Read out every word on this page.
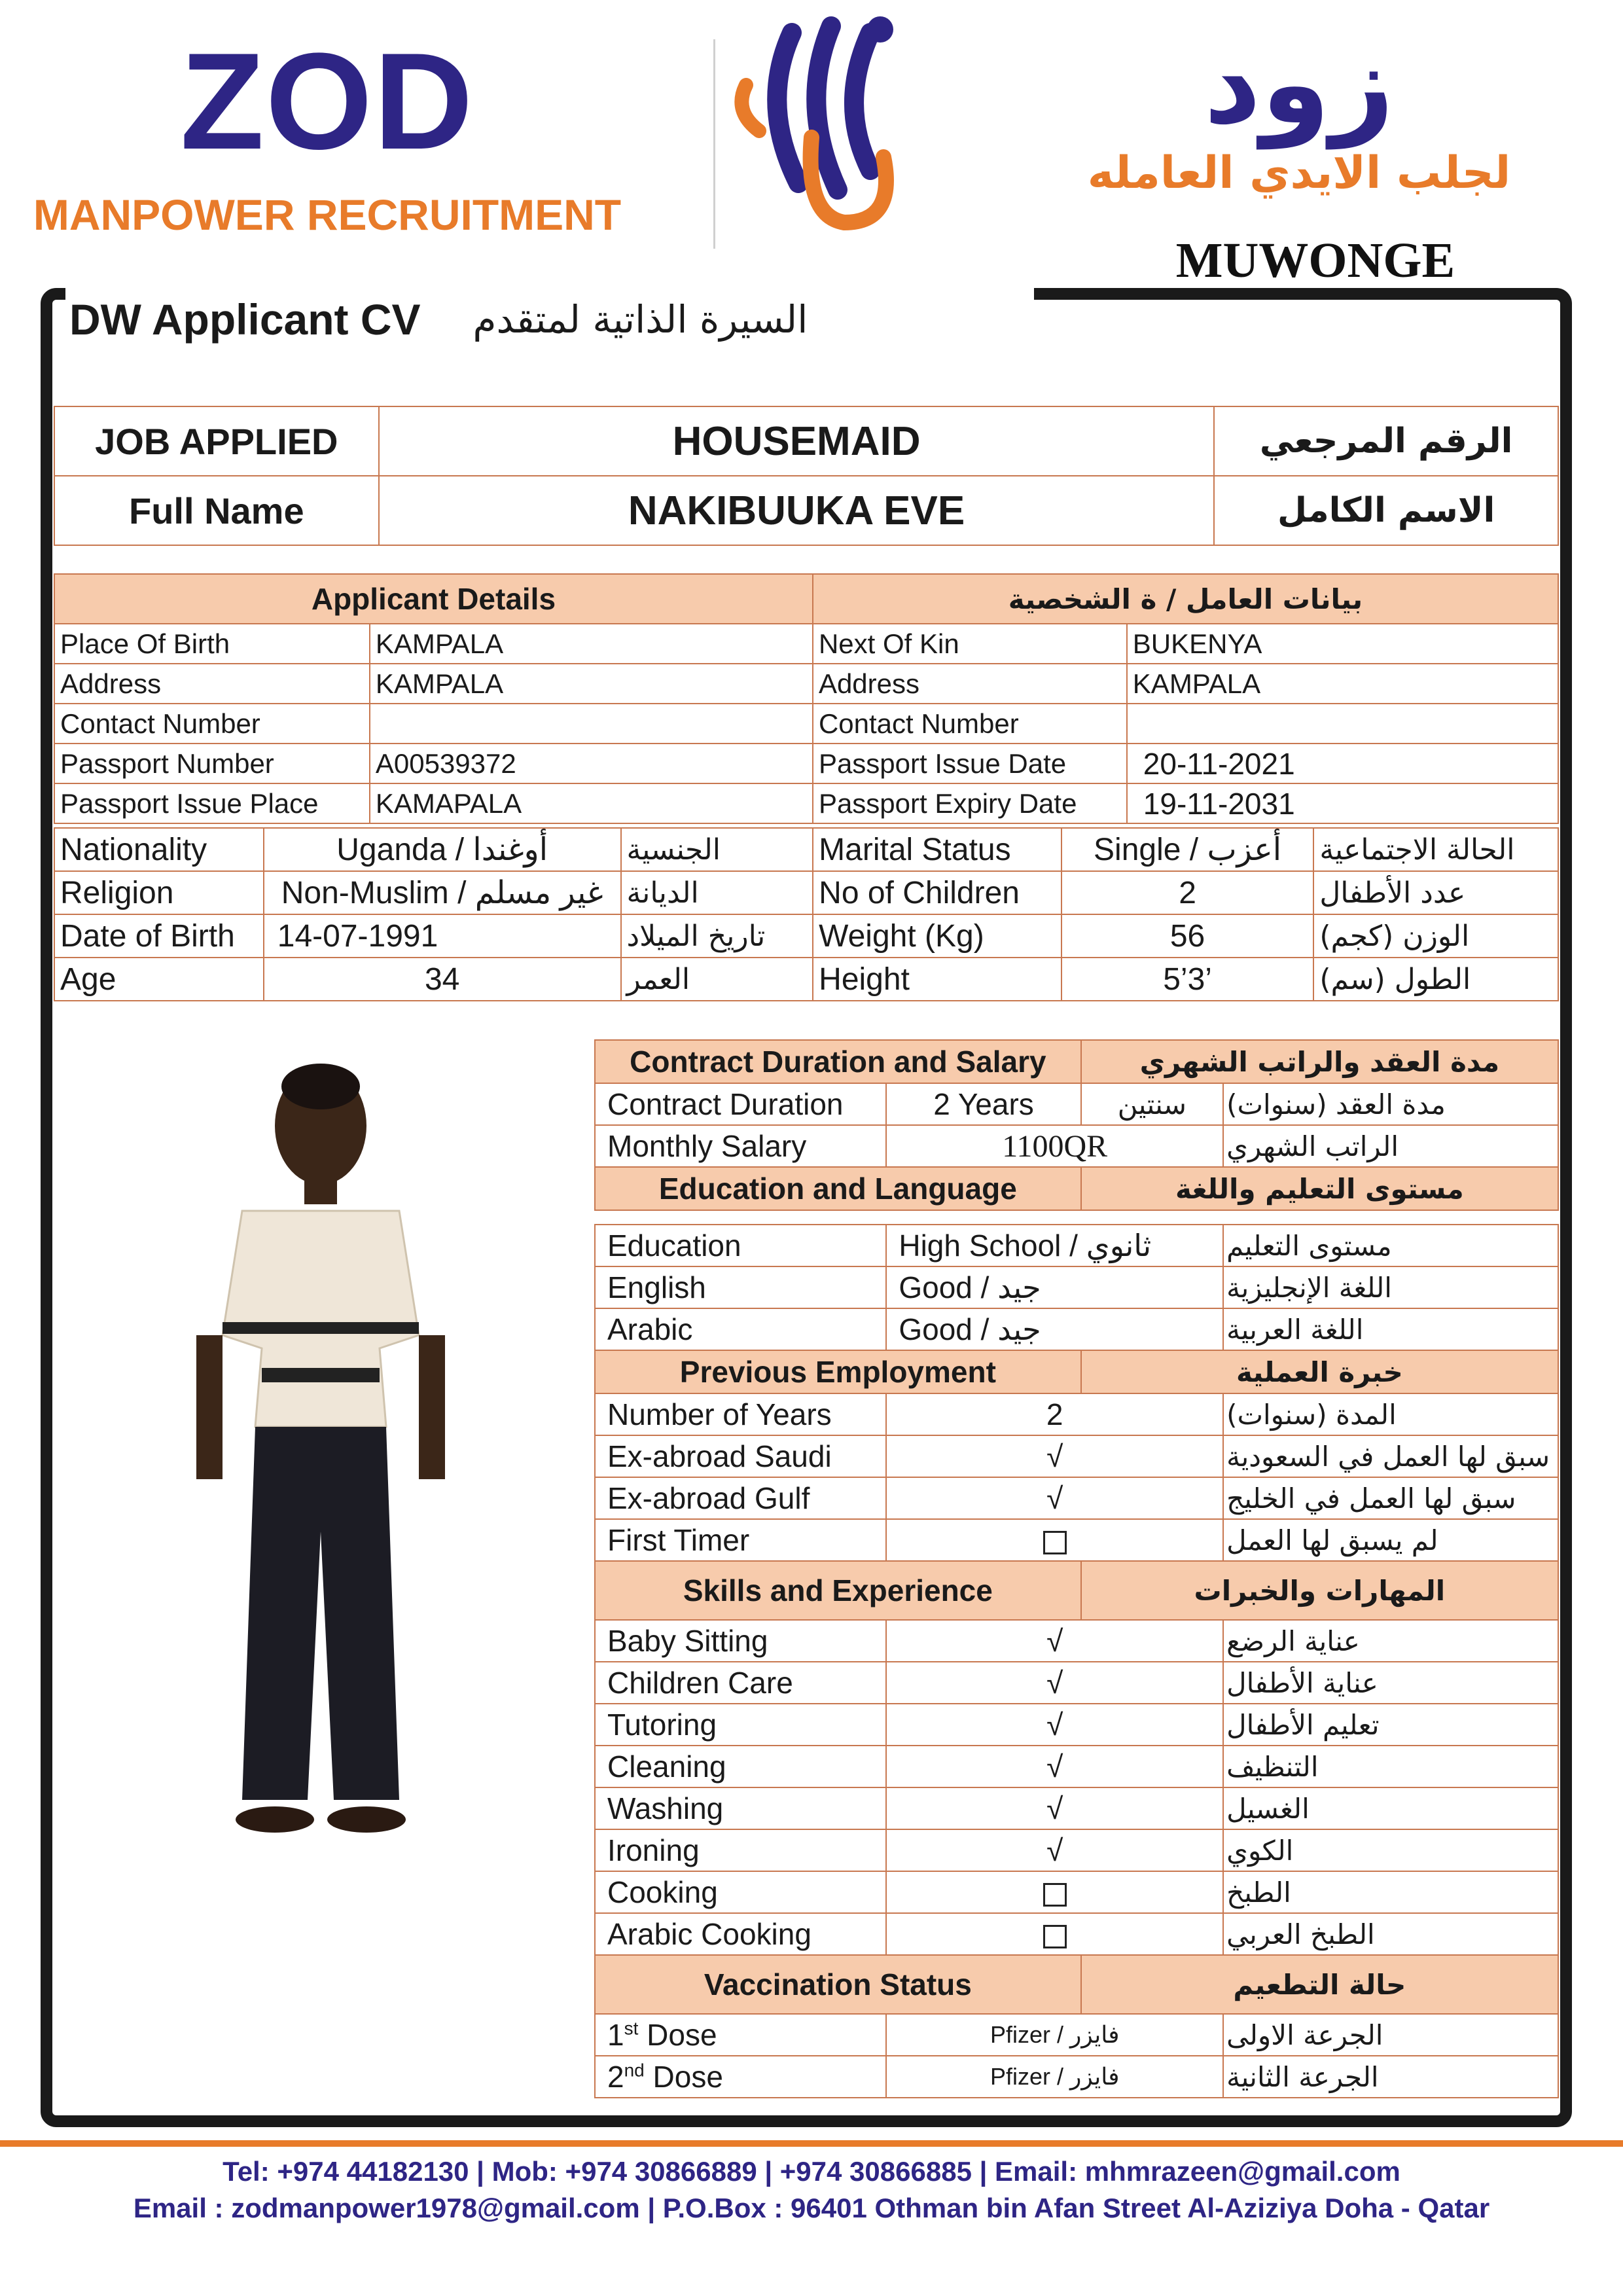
ZOD
MANPOWER RECRUITMENT
زود
لجلب الايدي العامله
MUWONGE
DW Applicant CV السيرة الذاتية لمتقدم
JOB APPLIED	HOUSEMAID	الرقم المرجعي
Full Name	NAKIBUUKA EVE	الاسم الكامل
Applicant Details		بيانات العامل / ة الشخصية	
Place Of Birth	KAMPALA	Next Of Kin	BUKENYA
Address	KAMPALA	Address	KAMPALA
Contact Number		Contact Number	
Passport Number	A00539372	Passport Issue Date	20-11-2021
Passport Issue Place	KAMAPALA	Passport Expiry Date	19-11-2031
Nationality	Uganda / أوغندا	الجنسية	Marital Status	Single / أعزب	الحالة الاجتماعية
Religion	Non-Muslim / غير مسلم	الديانة	No of Children	2	عدد الأطفال
Date of Birth	14-07-1991	تاريخ الميلاد	Weight (Kg)	56	الوزن (كجم)
Age	34	العمر	Height	5’3’	الطول (سم)
Contract Duration and Salary		مدة العقد والراتب الشهري	
Contract Duration	2 Years	سنتين	مدة العقد (سنوات)
Monthly Salary	1100QR		الراتب الشهري
Education and Language		مستوى التعليم واللغة	

Education	High School / ثانوي		مستوى التعليم
English	Good / جيد		اللغة الإنجليزية
Arabic	Good / جيد		اللغة العربية
Previous Employment		خبرة العملية	
Number of Years	2		المدة (سنوات)
Ex-abroad Saudi	√		سبق لها العمل في السعودية
Ex-abroad Gulf	√		سبق لها العمل في الخليج
First Timer			لم يسبق لها العمل
Skills and Experience		المهارات والخبرات	
Baby Sitting	√		عناية الرضع
Children Care	√		عناية الأطفال
Tutoring	√		تعليم الأطفال
Cleaning	√		التنظيف
Washing	√		الغسيل
Ironing	√		الكوي
Cooking			الطبخ
Arabic Cooking			الطبخ العربي
Vaccination Status		حالة التطعيم	
1st Dose	Pfizer / فايزر		الجرعة الاولى
2nd Dose	Pfizer / فايزر		الجرعة الثانية
Tel: +974 44182130 | Mob: +974 30866889 | +974 30866885 | Email: mhmrazeen@gmail.com
Email : zodmanpower1978@gmail.com | P.O.Box : 96401 Othman bin Afan Street Al-Aziziya Doha - Qatar
